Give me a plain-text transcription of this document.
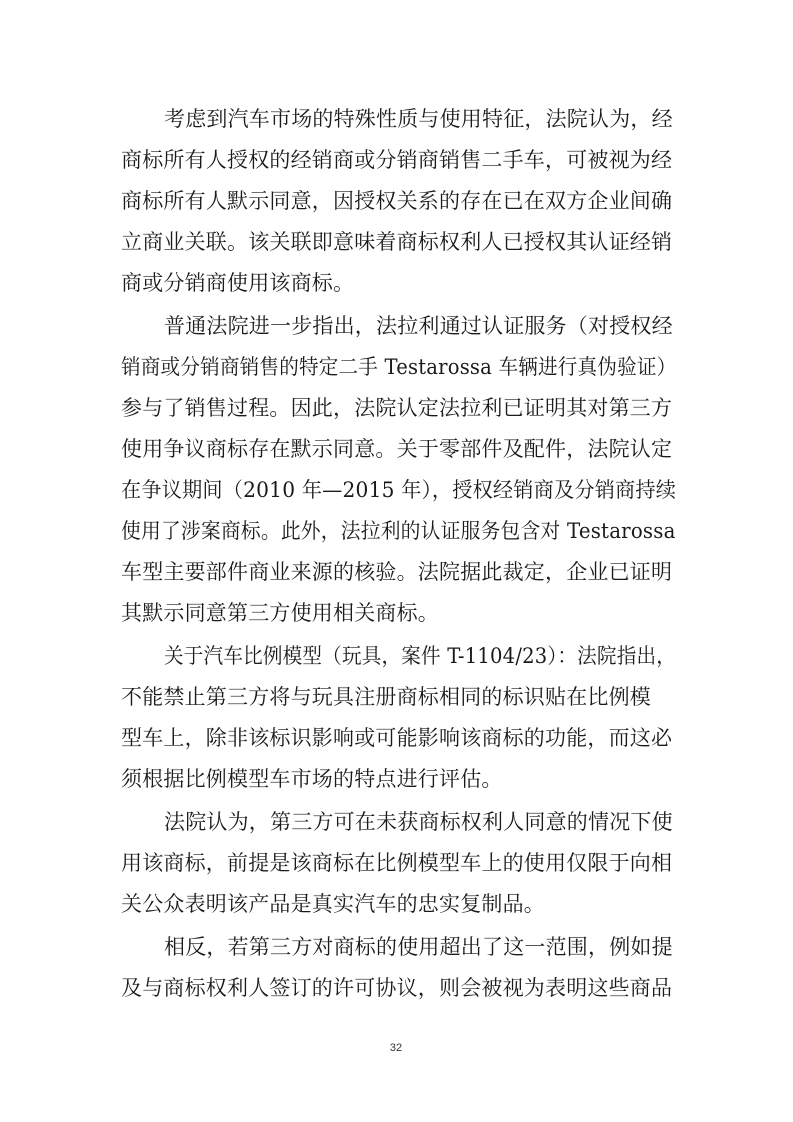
考虑到汽车市场的特殊性质与使用特征，法院认为，经
商标所有人授权的经销商或分销商销售二手车，可被视为经
商标所有人默示同意，因授权关系的存在已在双方企业间确
立商业关联。该关联即意味着商标权利人已授权其认证经销
商或分销商使用该商标。
普通法院进一步指出，法拉利通过认证服务（对授权经
销商或分销商销售的特定二手 Testarossa 车辆进行真伪验证）
参与了销售过程。因此，法院认定法拉利已证明其对第三方
使用争议商标存在默示同意。关于零部件及配件，法院认定
在争议期间（2010 年—2015 年），授权经销商及分销商持续
使用了涉案商标。此外，法拉利的认证服务包含对 Testarossa
车型主要部件商业来源的核验。法院据此裁定，企业已证明
其默示同意第三方使用相关商标。
关于汽车比例模型（玩具，案件 T-1104/23）：法院指出，
不能禁止第三方将与玩具注册商标相同的标识贴在比例模
型车上，除非该标识影响或可能影响该商标的功能，而这必
须根据比例模型车市场的特点进行评估。
法院认为，第三方可在未获商标权利人同意的情况下使
用该商标，前提是该商标在比例模型车上的使用仅限于向相
关公众表明该产品是真实汽车的忠实复制品。
相反，若第三方对商标的使用超出了这一范围，例如提
及与商标权利人签订的许可协议，则会被视为表明这些商品
32
